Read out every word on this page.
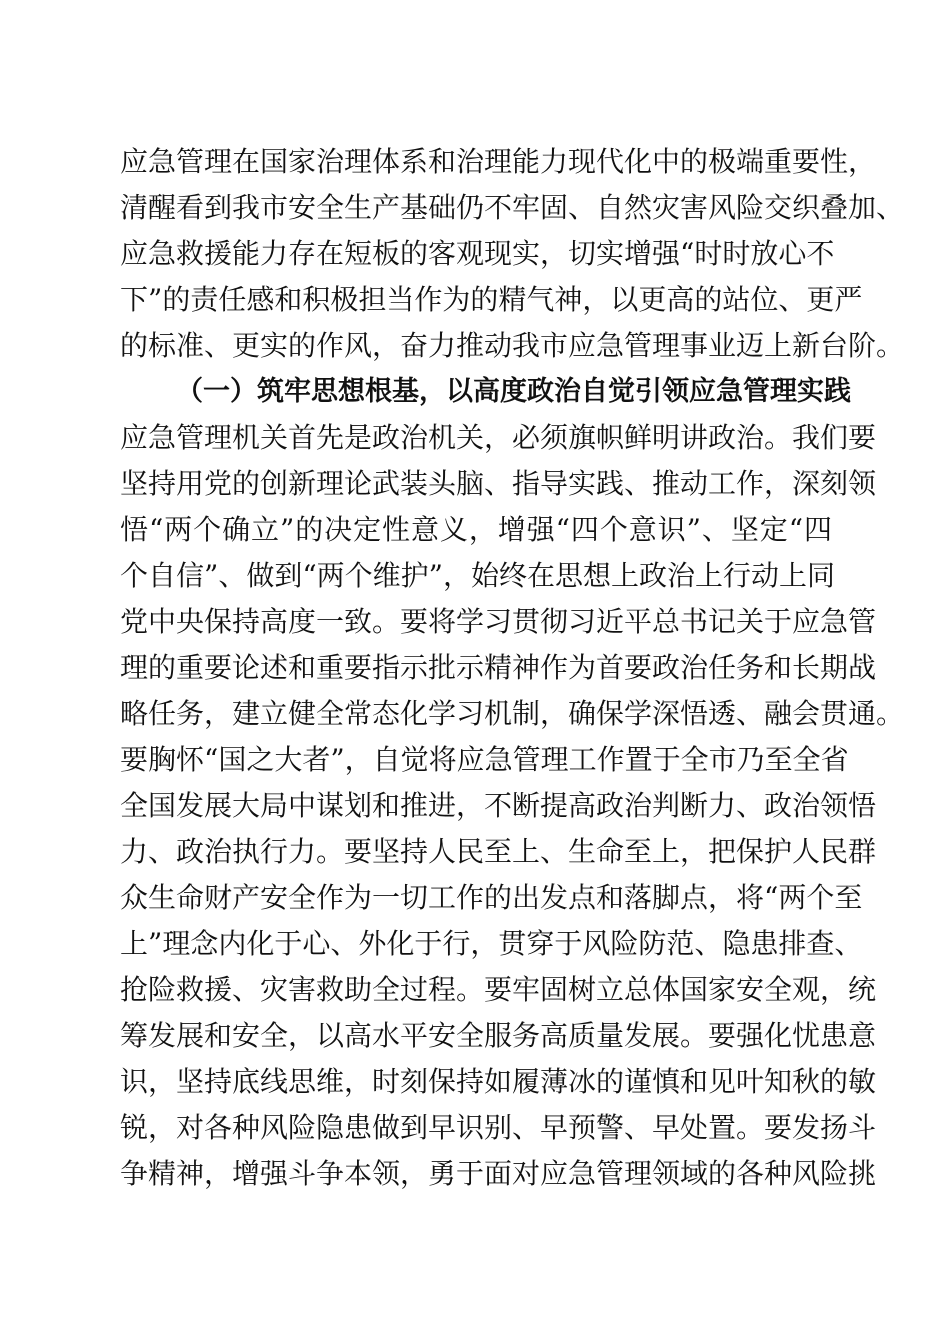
应急管理在国家治理体系和治理能力现代化中的极端重要性，
清醒看到我市安全生产基础仍不牢固、自然灾害风险交织叠加、
应急救援能力存在短板的客观现实，切实增强“时时放心不
下”的责任感和积极担当作为的精气神，以更高的站位、更严
的标准、更实的作风，奋力推动我市应急管理事业迈上新台阶。
（一）筑牢思想根基，以高度政治自觉引领应急管理实践
应急管理机关首先是政治机关，必须旗帜鲜明讲政治。我们要
坚持用党的创新理论武装头脑、指导实践、推动工作，深刻领
悟“两个确立”的决定性意义，增强“四个意识”、坚定“四
个自信”、做到“两个维护”，始终在思想上政治上行动上同
党中央保持高度一致。要将学习贯彻习近平总书记关于应急管
理的重要论述和重要指示批示精神作为首要政治任务和长期战
略任务，建立健全常态化学习机制，确保学深悟透、融会贯通。
要胸怀“国之大者”，自觉将应急管理工作置于全市乃至全省
全国发展大局中谋划和推进，不断提高政治判断力、政治领悟
力、政治执行力。要坚持人民至上、生命至上，把保护人民群
众生命财产安全作为一切工作的出发点和落脚点，将“两个至
上”理念内化于心、外化于行，贯穿于风险防范、隐患排查、
抢险救援、灾害救助全过程。要牢固树立总体国家安全观，统
筹发展和安全，以高水平安全服务高质量发展。要强化忧患意
识，坚持底线思维，时刻保持如履薄冰的谨慎和见叶知秋的敏
锐，对各种风险隐患做到早识别、早预警、早处置。要发扬斗
争精神，增强斗争本领，勇于面对应急管理领域的各种风险挑
